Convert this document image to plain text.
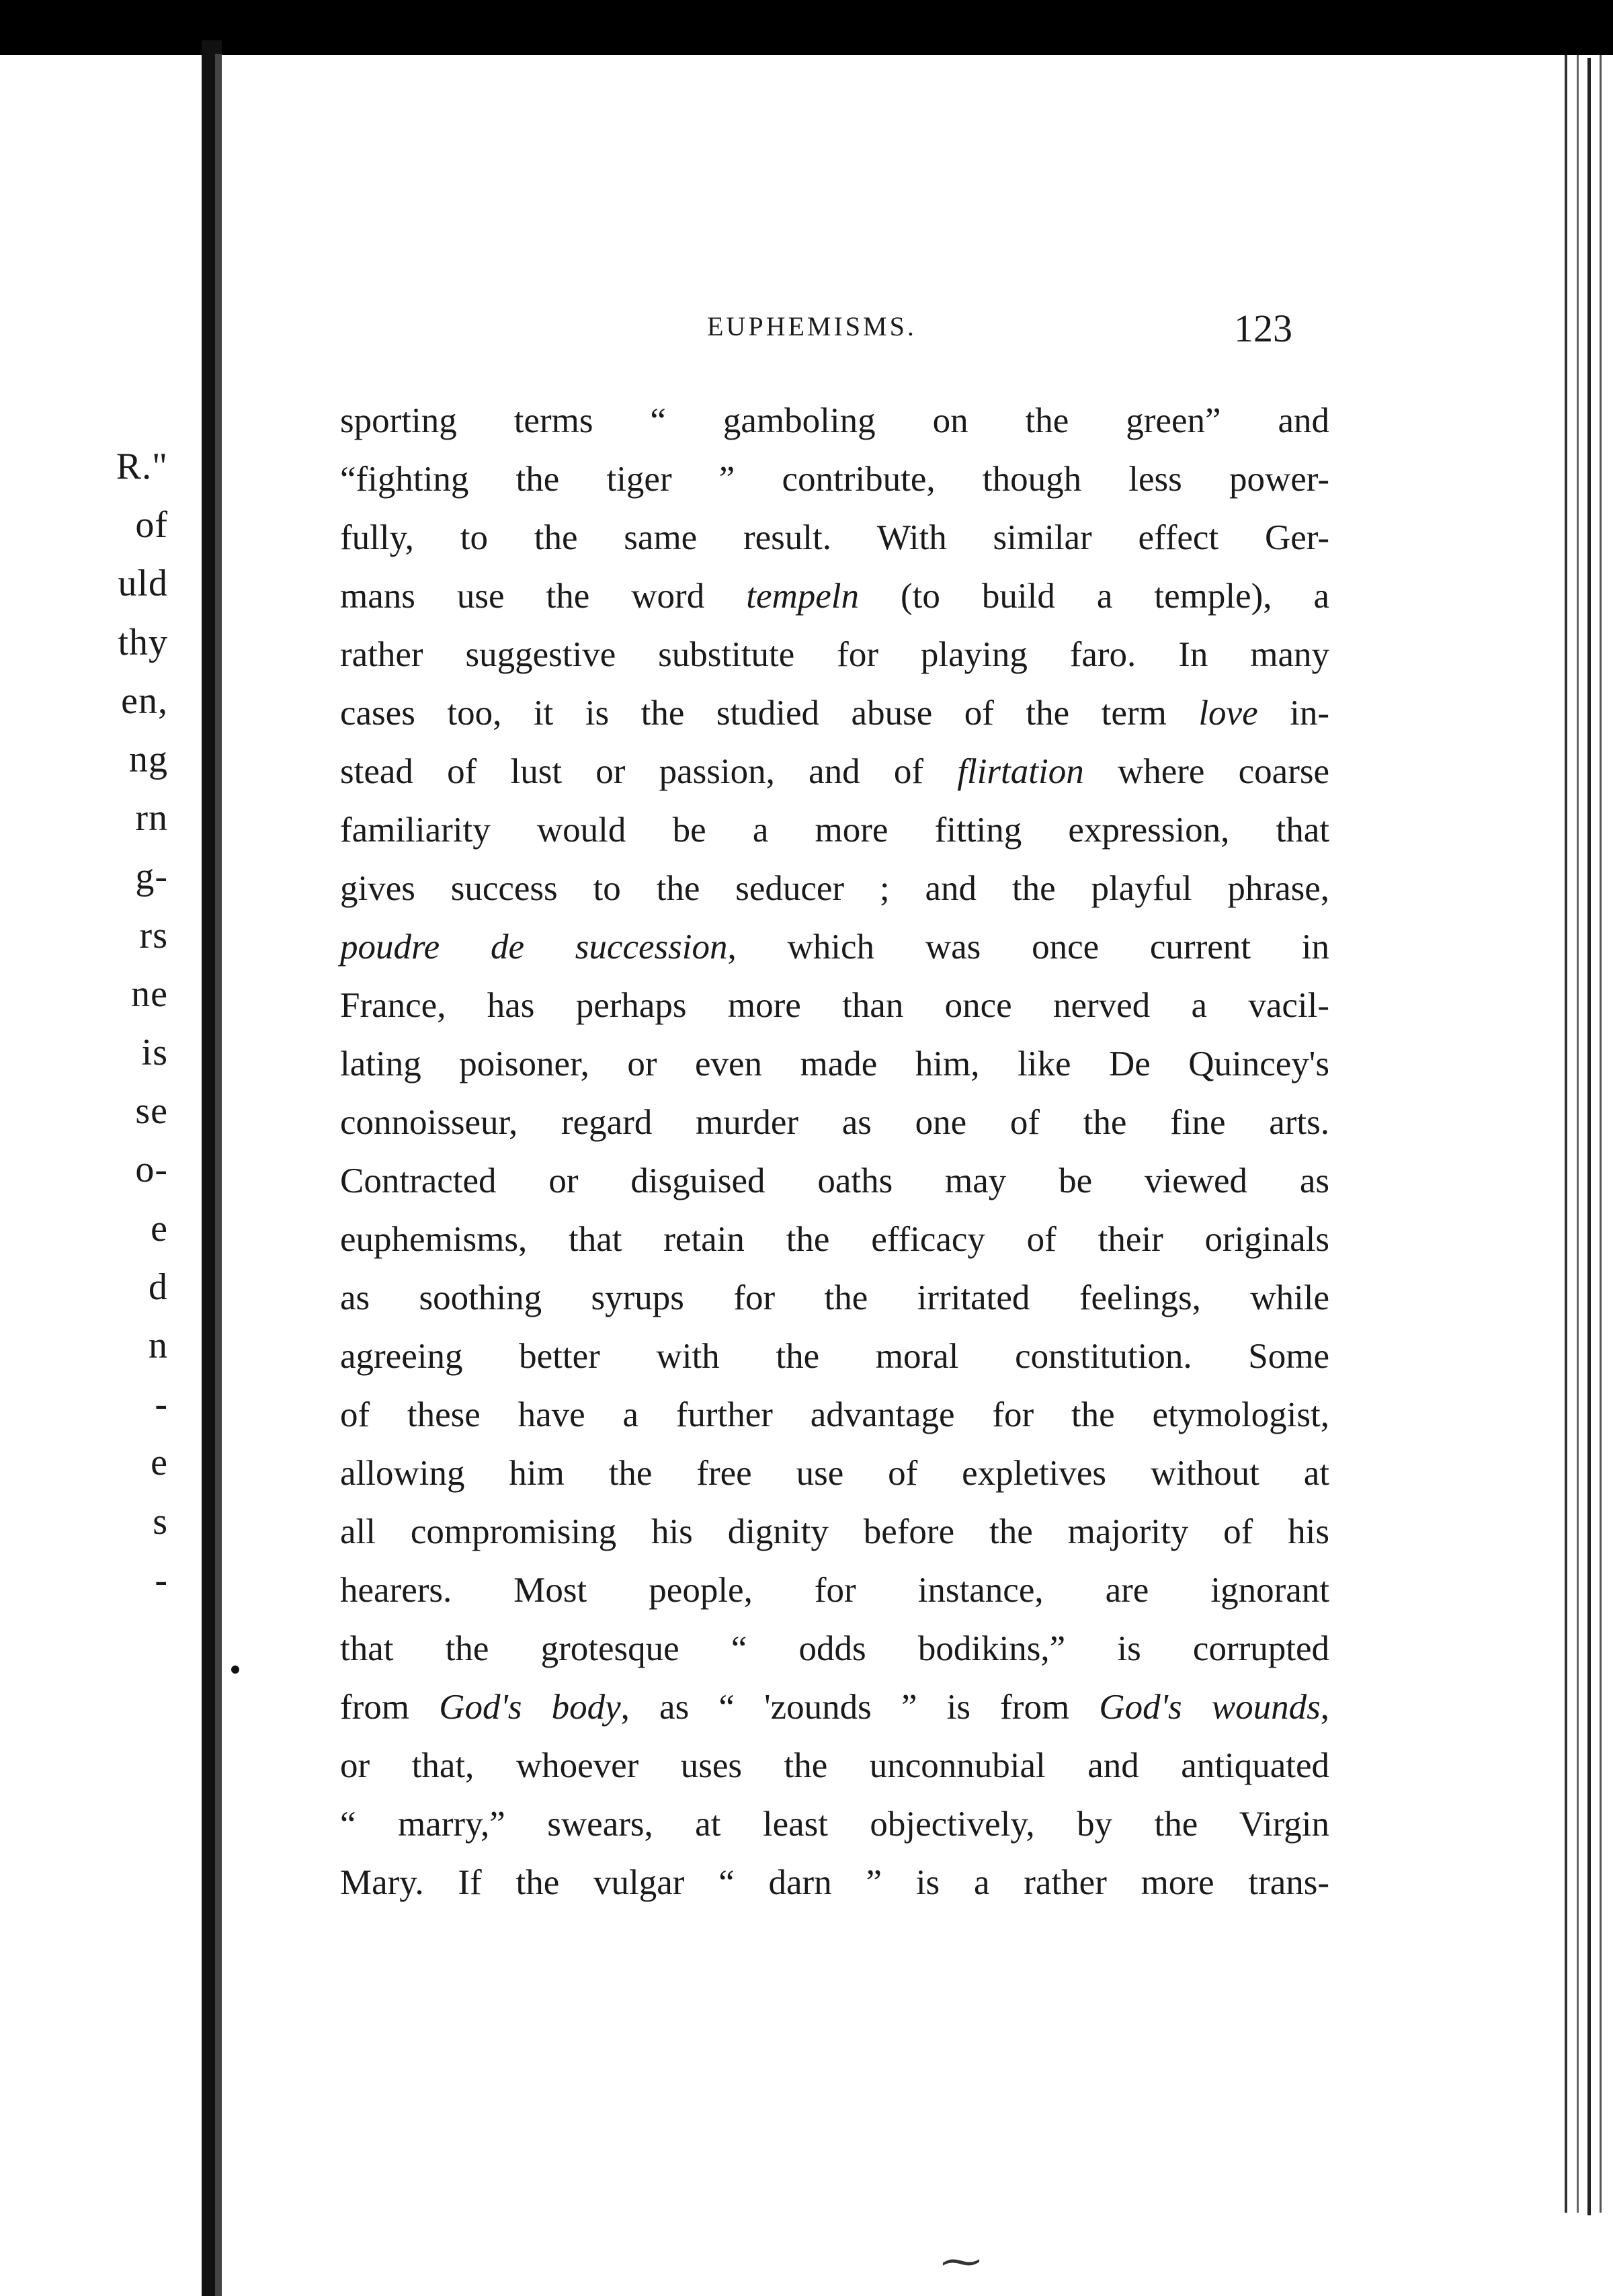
R."
of
uld
thy
en,
ng
rn
g-
rs
ne
is
se
o-
e
d
n
-
e
s
-
EUPHEMISMS.	123
sporting terms “ gamboling on the green” and
“fighting the tiger ” contribute, though less power-
fully, to the same result. With similar effect Ger-
mans use the word tempeln (to build a temple), a
rather suggestive substitute for playing faro. In many
cases too, it is the studied abuse of the term love in-
stead of lust or passion, and of flirtation where coarse
familiarity would be a more fitting expression, that
gives success to the seducer ; and the playful phrase,
poudre de succession, which was once current in
France, has perhaps more than once nerved a vacil-
lating poisoner, or even made him, like De Quincey's
connoisseur, regard murder as one of the fine arts.
Contracted or disguised oaths may be viewed as
euphemisms, that retain the efficacy of their originals
as soothing syrups for the irritated feelings, while
agreeing better with the moral constitution. Some
of these have a further advantage for the etymologist,
allowing him the free use of expletives without at
all compromising his dignity before the majority of his
hearers. Most people, for instance, are ignorant
that the grotesque “ odds bodikins,” is corrupted
from God's body, as “ 'zounds ” is from God's wounds,
or that, whoever uses the unconnubial and antiquated
“ marry,” swears, at least objectively, by the Virgin
Mary. If the vulgar “ darn ” is a rather more trans-
⁓
